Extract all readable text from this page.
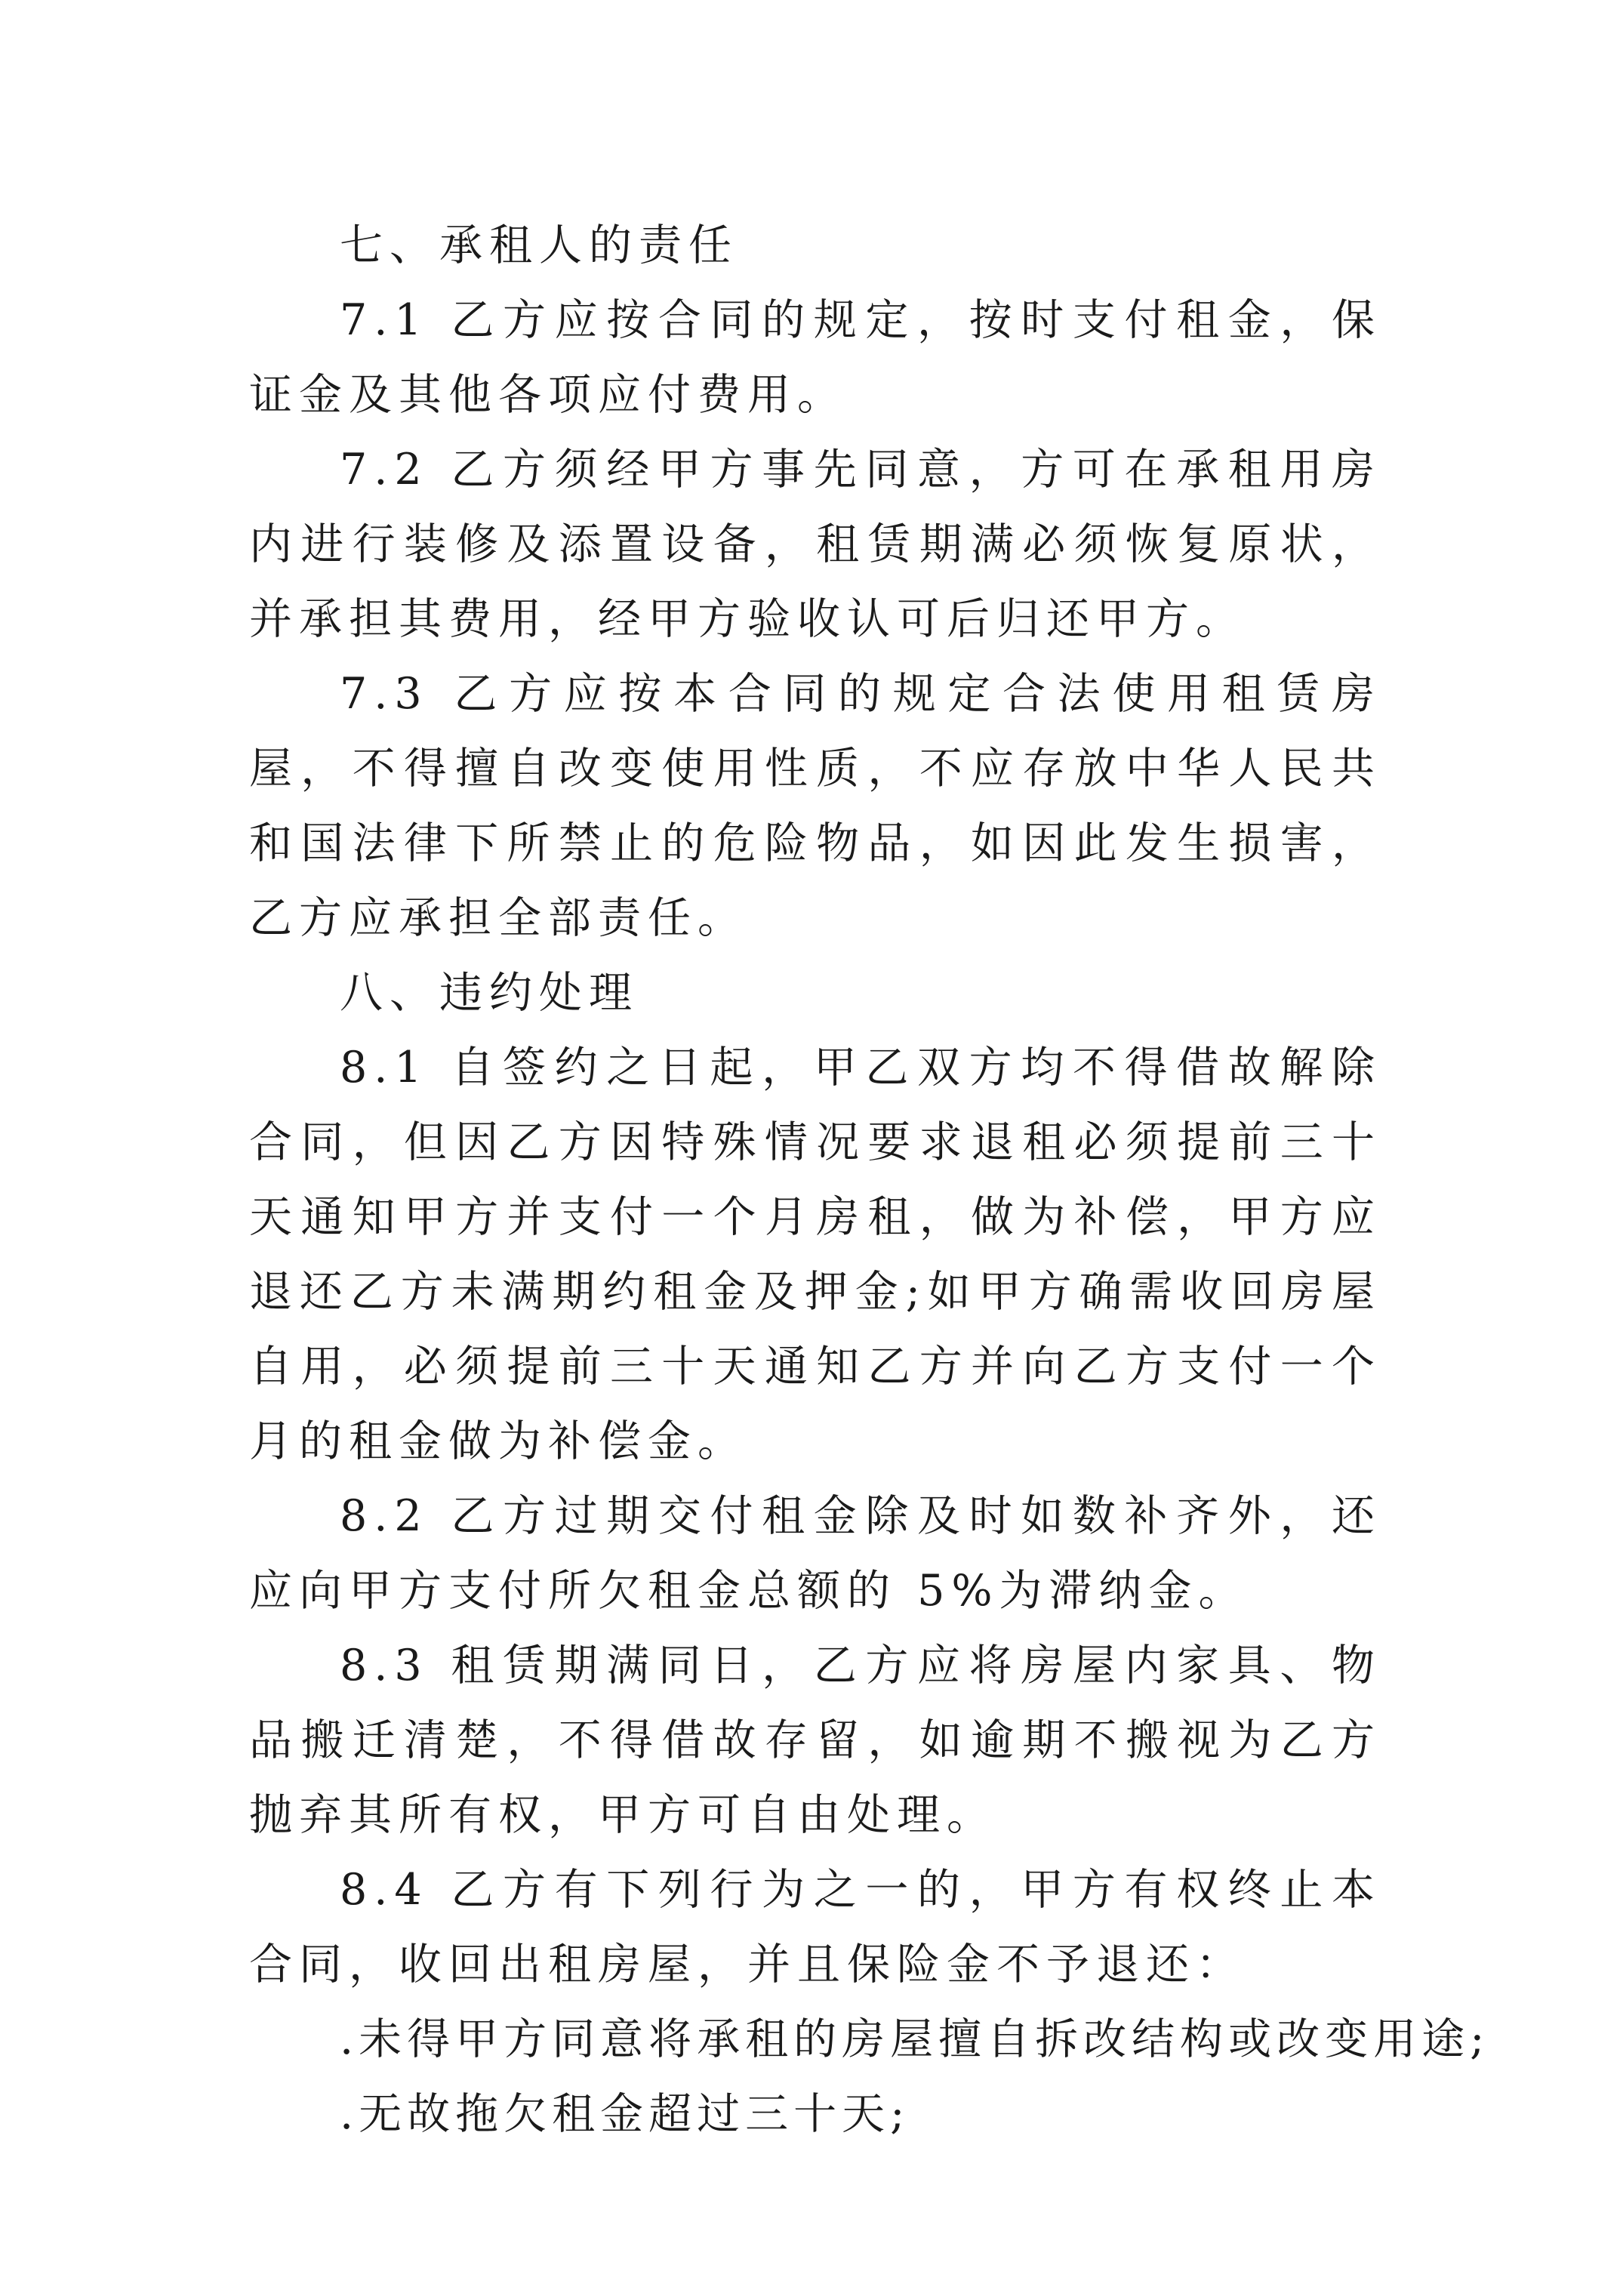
七、承租人的责任

7.1 乙方应按合同的规定，按时支付租金，保证金及其他各项应付费用。

7.2 乙方须经甲方事先同意，方可在承租用房内进行装修及添置设备，租赁期满必须恢复原状，并承担其费用，经甲方验收认可后归还甲方。

7.3 乙方应按本合同的规定合法使用租赁房屋，不得擅自改变使用性质，不应存放中华人民共和国法律下所禁止的危险物品，如因此发生损害，乙方应承担全部责任。

八、违约处理

8.1 自签约之日起，甲乙双方均不得借故解除合同，但因乙方因特殊情况要求退租必须提前三十天通知甲方并支付一个月房租，做为补偿，甲方应退还乙方未满期约租金及押金;如甲方确需收回房屋自用，必须提前三十天通知乙方并向乙方支付一个月的租金做为补偿金。

8.2 乙方过期交付租金除及时如数补齐外，还应向甲方支付所欠租金总额的 5%为滞纳金。

8.3 租赁期满同日，乙方应将房屋内家具、物品搬迁清楚，不得借故存留，如逾期不搬视为乙方抛弃其所有权，甲方可自由处理。

8.4 乙方有下列行为之一的，甲方有权终止本合同，收回出租房屋，并且保险金不予退还：

.未得甲方同意将承租的房屋擅自拆改结构或改变用途;

.无故拖欠租金超过三十天;
